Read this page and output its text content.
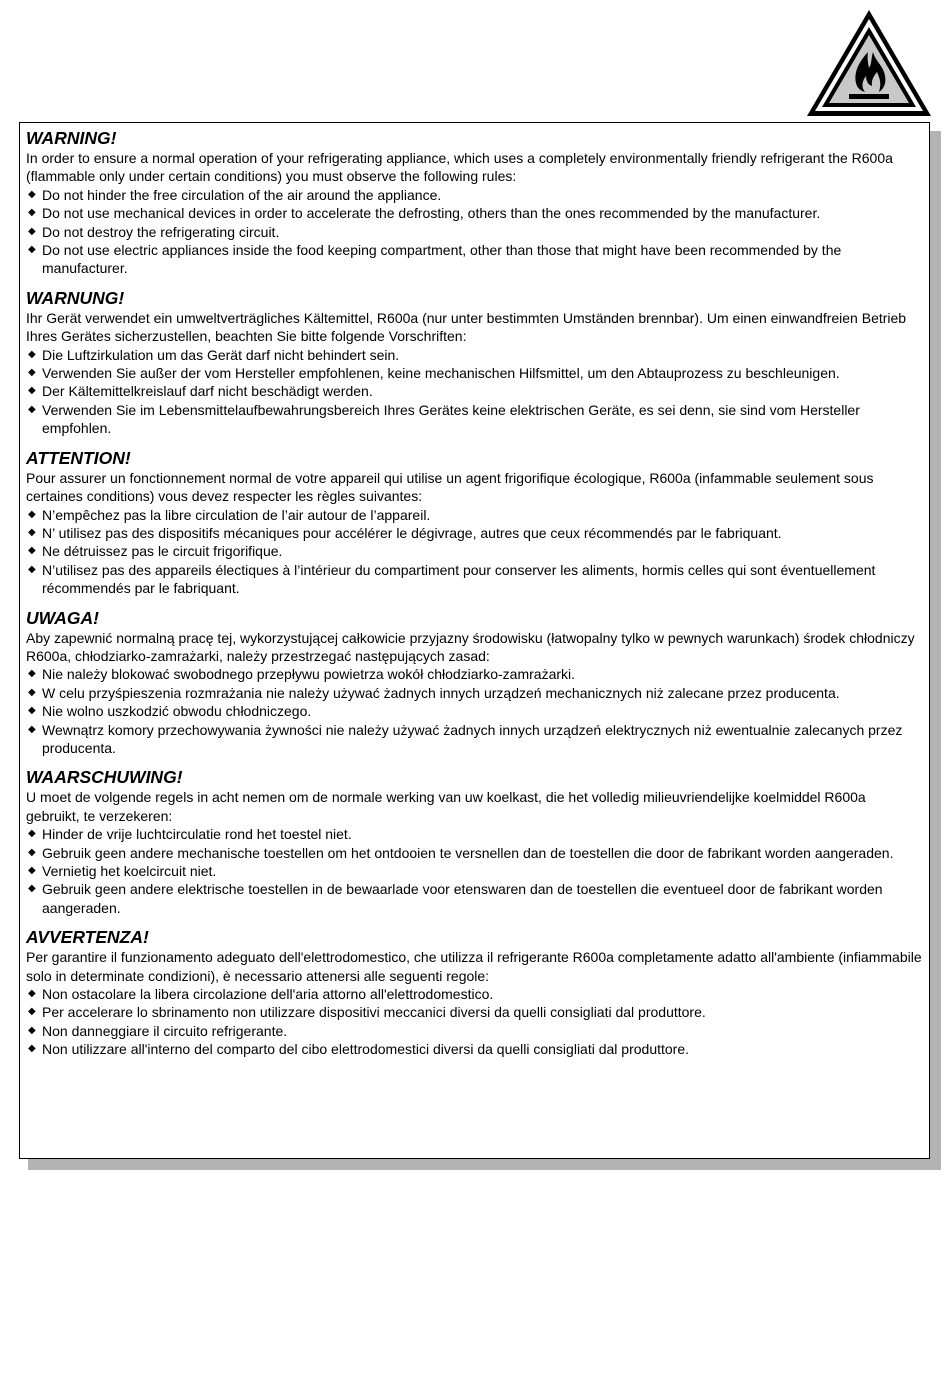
WARNING!

In order to ensure a normal operation of your refrigerating appliance, which uses a completely environmentally friendly refrigerant the R600a (flammable only under certain conditions) you must observe the following rules:

◆ Do not hinder the free circulation of the air around the appliance.
◆ Do not use mechanical devices in order to accelerate the defrosting, others than the ones recommended by the manufacturer.
◆ Do not destroy the refrigerating circuit.
◆ Do not use electric appliances inside the food keeping compartment, other than those that might have been recommended by the manufacturer.
WARNUNG!

Ihr Gerät verwendet ein umweltverträgliches Kältemittel, R600a (nur unter bestimmten Umständen brennbar). Um einen einwandfreien Betrieb Ihres Gerätes sicherzustellen, beachten Sie bitte folgende Vorschriften:

◆ Die Luftzirkulation um das Gerät darf nicht behindert sein.
◆ Verwenden Sie außer der vom Hersteller empfohlenen, keine mechanischen Hilfsmittel, um den Abtauprozess zu beschleunigen.
◆ Der Kältemittelkreislauf darf nicht beschädigt werden.
◆ Verwenden Sie im Lebensmittelaufbewahrungsbereich Ihres Gerätes keine elektrischen Geräte, es sei denn, sie sind vom Hersteller empfohlen.
ATTENTION!

Pour assurer un fonctionnement normal de votre appareil qui utilise un agent frigorifique écologique, R600a (infammable seulement sous certaines conditions) vous devez respecter les règles suivantes:

◆ N’empêchez pas la libre circulation de l’air autour de l’appareil.
◆ N’ utilisez pas des dispositifs mécaniques pour accélérer le dégivrage, autres que ceux récommendés par le fabriquant.
◆ Ne détruissez pas le circuit frigorifique.
◆ N’utilisez pas des appareils électiques à l’intérieur du compartiment pour conserver les aliments, hormis celles qui sont éventuellement récommendés par le fabriquant.
UWAGA!

Aby zapewnić normalną pracę tej, wykorzystującej całkowicie przyjazny środowisku (łatwopalny tylko w pewnych warunkach) środek chłodniczy R600a, chłodziarko-zamrażarki, należy przestrzegać następujących zasad:

◆ Nie należy blokować swobodnego przepływu powietrza wokół chłodziarko-zamrażarki.
◆ W celu przyśpieszenia rozmrażania nie należy używać żadnych innych urządzeń mechanicznych niż zalecane przez producenta.
◆ Nie wolno uszkodzić obwodu chłodniczego.
◆ Wewnątrz komory przechowywania żywności nie należy używać żadnych innych urządzeń elektrycznych niż ewentualnie zalecanych przez producenta.
WAARSCHUWING!

U moet de volgende regels in acht nemen om de normale werking van uw koelkast, die het volledig milieuvriendelijke koelmiddel R600a gebruikt, te verzekeren:

◆ Hinder de vrije luchtcirculatie rond het toestel niet.
◆ Gebruik geen andere mechanische toestellen om het ontdooien te versnellen dan de toestellen die door de fabrikant worden aangeraden.
◆ Vernietig het koelcircuit niet.
◆ Gebruik geen andere elektrische toestellen in de bewaarlade voor etenswaren dan de toestellen die eventueel door de fabrikant worden aangeraden.
AVVERTENZA!

Per garantire il funzionamento adeguato dell'elettrodomestico, che utilizza il refrigerante R600a completamente adatto all'ambiente (infiammabile solo in determinate condizioni), è necessario attenersi alle seguenti regole:

◆ Non ostacolare la libera circolazione dell'aria attorno all'elettrodomestico.
◆ Per accelerare lo sbrinamento non utilizzare dispositivi meccanici diversi da quelli consigliati dal produttore.
◆ Non danneggiare il circuito refrigerante.
◆ Non utilizzare all'interno del comparto del cibo elettrodomestici diversi da quelli consigliati dal produttore.
